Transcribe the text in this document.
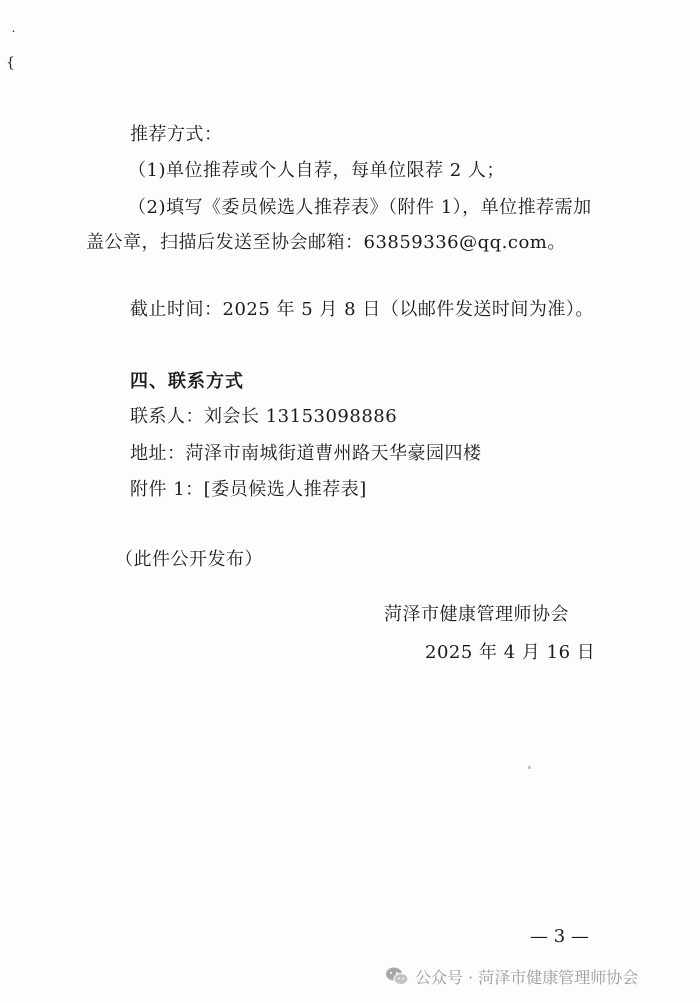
˙
{
推荐方式：
（1)单位推荐或个人自荐，每单位限荐 2 人；
（2)填写《委员候选人推荐表》（附件 1），单位推荐需加
盖公章，扫描后发送至协会邮箱：63859336@qq.com。
截止时间：2025 年 5 月 8 日（以邮件发送时间为准）。
四、联系方式
联系人：刘会长 13153098886
地址：菏泽市南城街道曹州路天华豪园四楼
附件 1：[委员候选人推荐表]
（此件公开发布）
菏泽市健康管理师协会
2025 年 4 月 16 日
— 3 —
公众号 · 菏泽市健康管理师协会
